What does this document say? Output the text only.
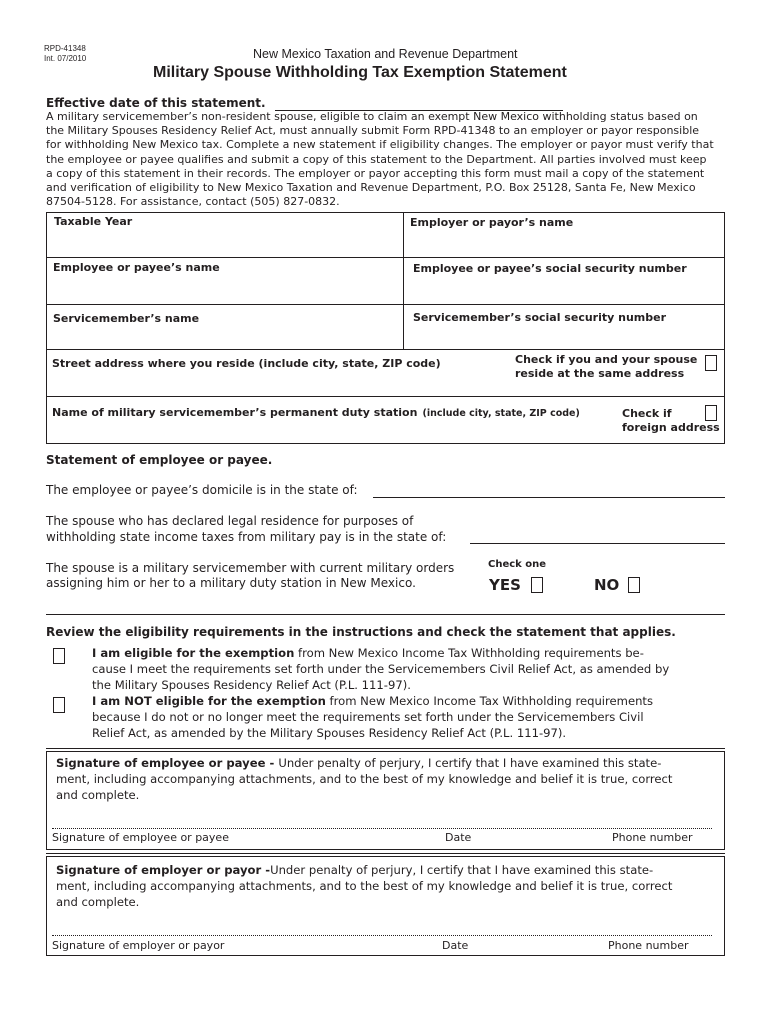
RPD-41348
Int. 07/2010	New Mexico Taxation and Revenue Department
Military Spouse Withholding Tax Exemption Statement
Effective date of this statement.
A military servicemember’s non-resident spouse, eligible to claim an exempt New Mexico withholding status based on
the Military Spouses Residency Relief Act, must annually submit Form RPD-41348 to an employer or payor responsible
for withholding New Mexico tax. Complete a new statement if eligibility changes. The employer or payor must verify that
the employee or payee qualifies and submit a copy of this statement to the Department. All parties involved must keep
a copy of this statement in their records. The employer or payor accepting this form must mail a copy of the statement
and verification of eligibility to New Mexico Taxation and Revenue Department, P.O. Box 25128, Santa Fe, New Mexico
87504-5128. For assistance, contact (505) 827-0832.
Taxable Year	Employer or payor’s name
Employee or payee’s name	Employee or payee’s social security number
Servicemember’s name	Servicemember’s social security number
Street address where you reside (include city, state, ZIP code)	Check if you and your spouse
reside at the same address
Name of military servicemember’s permanent duty station (include city, state, ZIP code)	Check if
foreign address
Statement of employee or payee.
The employee or payee’s domicile is in the state of:
The spouse who has declared legal residence for purposes of
withholding state income taxes from military pay is in the state of:
The spouse is a military servicemember with current military orders
assigning him or her to a military duty station in New Mexico.
Check one
YES	NO
Review the eligibility requirements in the instructions and check the statement that applies.
I am eligible for the exemption from New Mexico Income Tax Withholding requirements be-
cause I meet the requirements set forth under the Servicemembers Civil Relief Act, as amended by
the Military Spouses Residency Relief Act (P.L. 111-97).
I am NOT eligible for the exemption from New Mexico Income Tax Withholding requirements
because I do not or no longer meet the requirements set forth under the Servicemembers Civil
Relief Act, as amended by the Military Spouses Residency Relief Act (P.L. 111-97).
Signature of employee or payee - Under penalty of perjury, I certify that I have examined this state-
ment, including accompanying attachments, and to the best of my knowledge and belief it is true, correct
and complete.
Signature of employee or payee	Date	Phone number
Signature of employer or payor -Under penalty of perjury, I certify that I have examined this state-
ment, including accompanying attachments, and to the best of my knowledge and belief it is true, correct
and complete.
Signature of employer or payor	Date	Phone number
